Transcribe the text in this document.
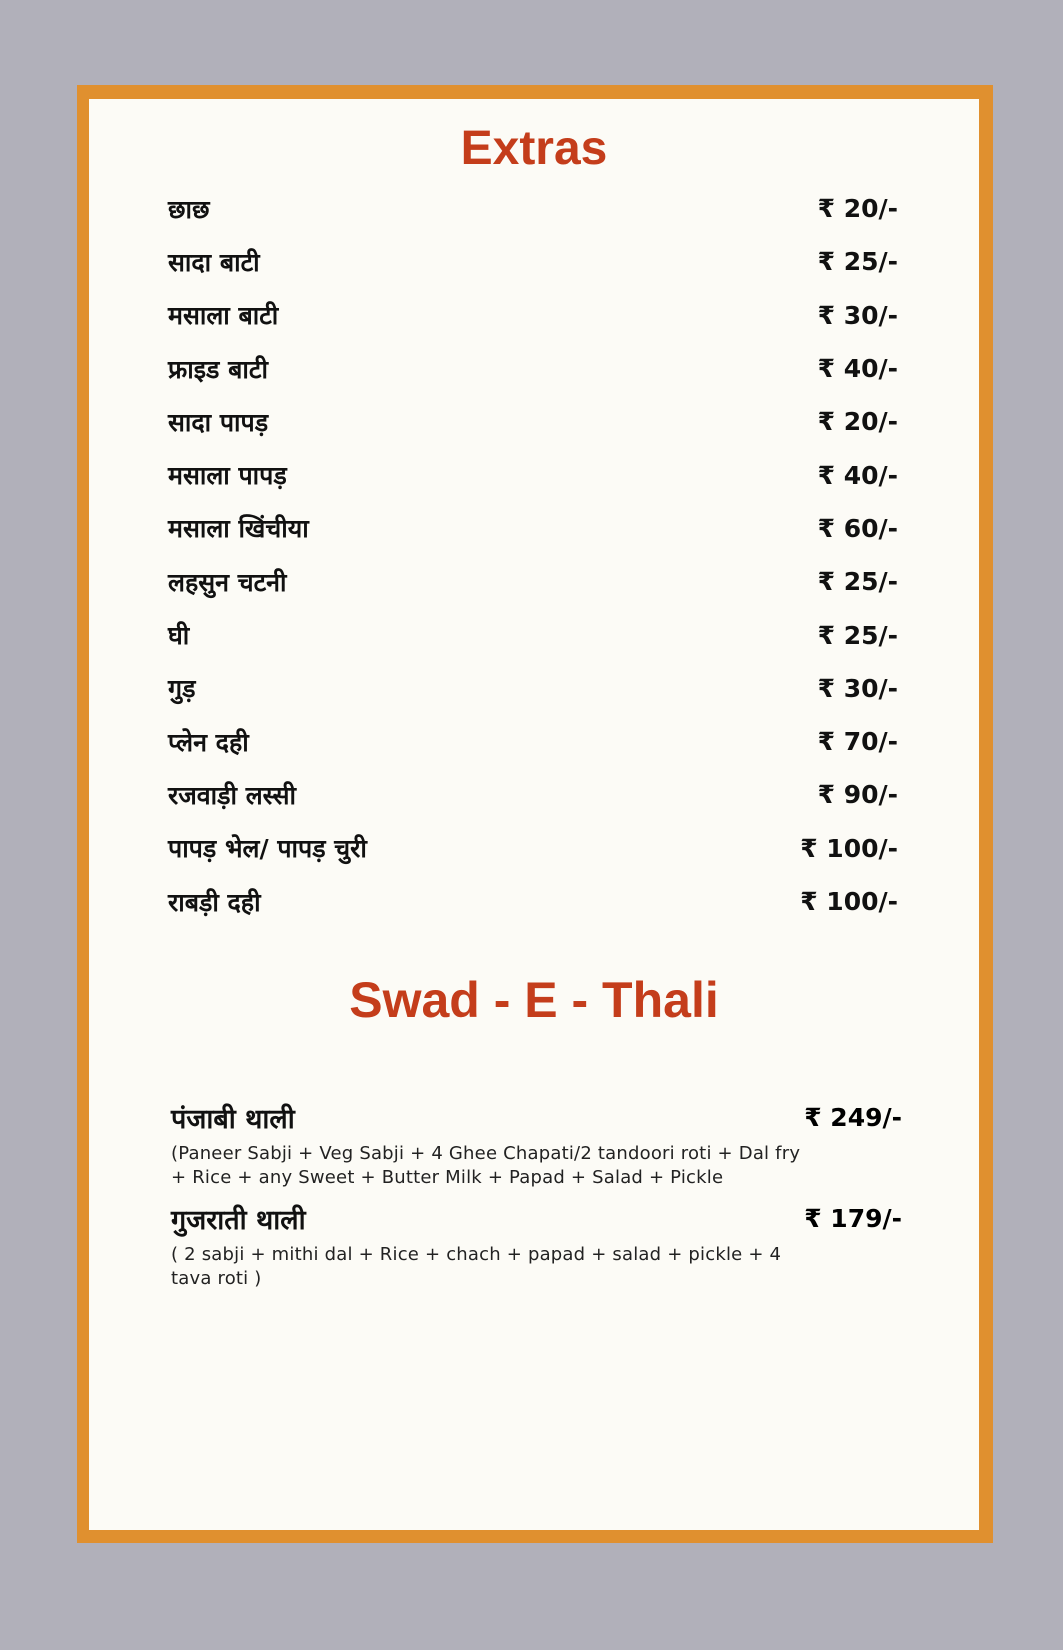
Extras
छाछ	₹ 20/-
सादा बाटी	₹ 25/-
मसाला बाटी	₹ 30/-
फ्राइड बाटी	₹ 40/-
सादा पापड़	₹ 20/-
मसाला पापड़	₹ 40/-
मसाला खिंचीया	₹ 60/-
लहसुन चटनी	₹ 25/-
घी	₹ 25/-
गुड़	₹ 30/-
प्लेन दही	₹ 70/-
रजवाड़ी लस्सी	₹ 90/-
पापड़ भेल/ पापड़ चुरी	₹ 100/-
राबड़ी दही	₹ 100/-
Swad - E - Thali
पंजाबी थाली	₹ 249/-
(Paneer Sabji + Veg Sabji + 4 Ghee Chapati/2 tandoori roti + Dal fry + Rice + any Sweet + Butter Milk + Papad + Salad + Pickle
गुजराती थाली	₹ 179/-
( 2 sabji + mithi dal + Rice + chach + papad + salad + pickle + 4 tava roti )
